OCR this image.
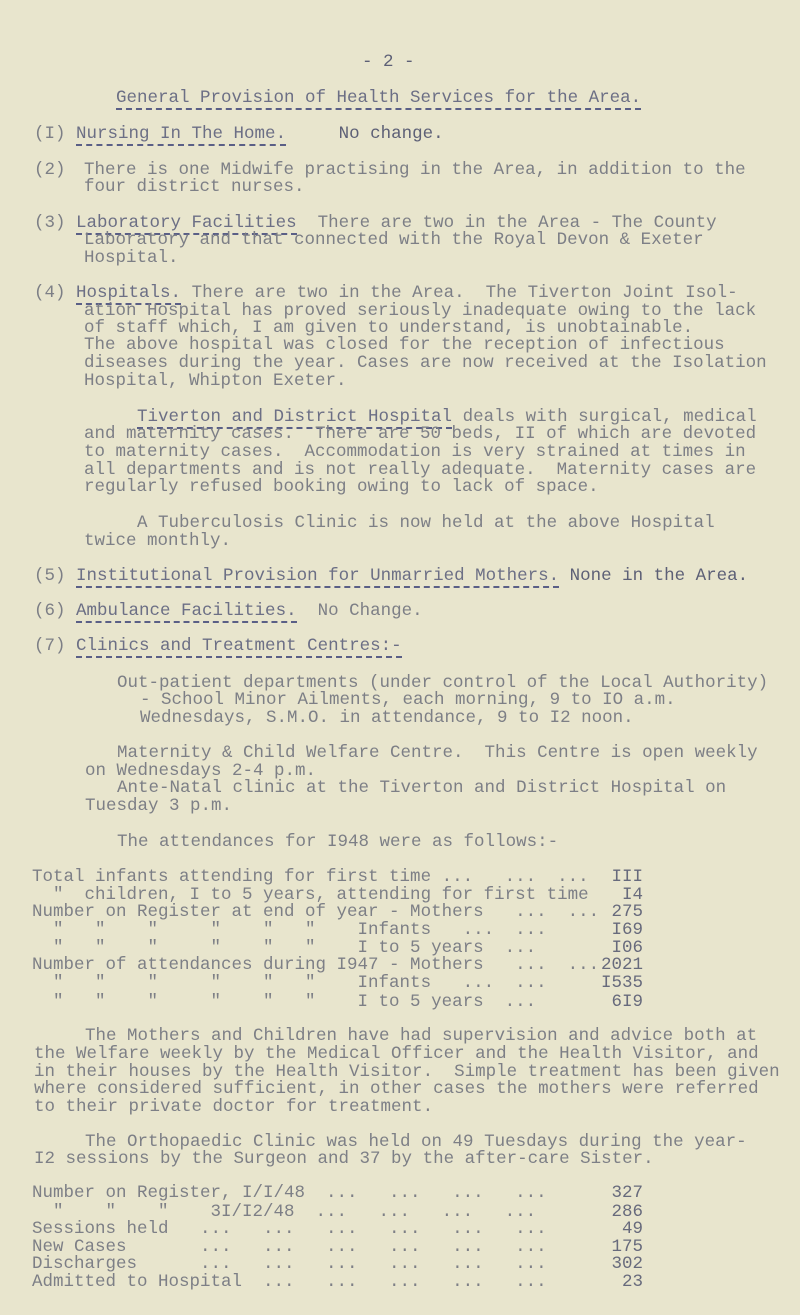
- 2 -
General Provision of Health Services for the Area.
(I) Nursing In The Home.     No change.
(2) There is one Midwife practising in the Area, in addition to the
four district nurses.
(3) Laboratory Facilities  There are two in the Area - The County
Laboratory and that connected with the Royal Devon & Exeter
Hospital.
(4) Hospitals. There are two in the Area.  The Tiverton Joint Isol-
ation Hospital has proved seriously inadequate owing to the lack
of staff which, I am given to understand, is unobtainable.
The above hospital was closed for the reception of infectious
diseases during the year. Cases are now received at the Isolation
Hospital, Whipton Exeter.
Tiverton and District Hospital deals with surgical, medical
and maternity cases.  There are 50 beds, II of which are devoted
to maternity cases.  Accommodation is very strained at times in
all departments and is not really adequate.  Maternity cases are
regularly refused booking owing to lack of space.
A Tuberculosis Clinic is now held at the above Hospital
twice monthly.
(5) Institutional Provision for Unmarried Mothers. None in the Area.
(6) Ambulance Facilities.  No Change.
(7) Clinics and Treatment Centres:-
Out-patient departments (under control of the Local Authority)
- School Minor Ailments, each morning, 9 to IO a.m.
Wednesdays, S.M.O. in attendance, 9 to I2 noon.
Maternity & Child Welfare Centre.  This Centre is open weekly
on Wednesdays 2-4 p.m.
Ante-Natal clinic at the Tiverton and District Hospital on
Tuesday 3 p.m.
The attendances for I948 were as follows:-
Total infants attending for first time ...   ...  ...	III
"  children, I to 5 years, attending for first time	I4
Number on Register at end of year - Mothers   ...  ... 275
"   "    "     "    "   "    Infants   ...  ...	I69
"   "    "     "    "   "    I to 5 years  ...	I06
Number of attendances during I947 - Mothers   ...  ... 2021
"   "    "     "    "   "    Infants   ...  ...	I535
"   "    "     "    "   "    I to 5 years  ...	6I9
The Mothers and Children have had supervision and advice both at
the Welfare weekly by the Medical Officer and the Health Visitor, and
in their houses by the Health Visitor.  Simple treatment has been given
where considered sufficient, in other cases the mothers were referred
to their private doctor for treatment.
The Orthopaedic Clinic was held on 49 Tuesdays during the year-
I2 sessions by the Surgeon and 37 by the after-care Sister.
Number on Register, I/I/48  ...   ...   ...   ...	327
"    "    "    3I/I2/48  ...   ...   ...   ...	286
Sessions held   ...   ...   ...   ...   ...   ...	49
New Cases       ...   ...   ...   ...   ...   ...	175
Discharges      ...   ...   ...   ...   ...   ...	302
Admitted to Hospital  ...   ...   ...   ...   ...	23
